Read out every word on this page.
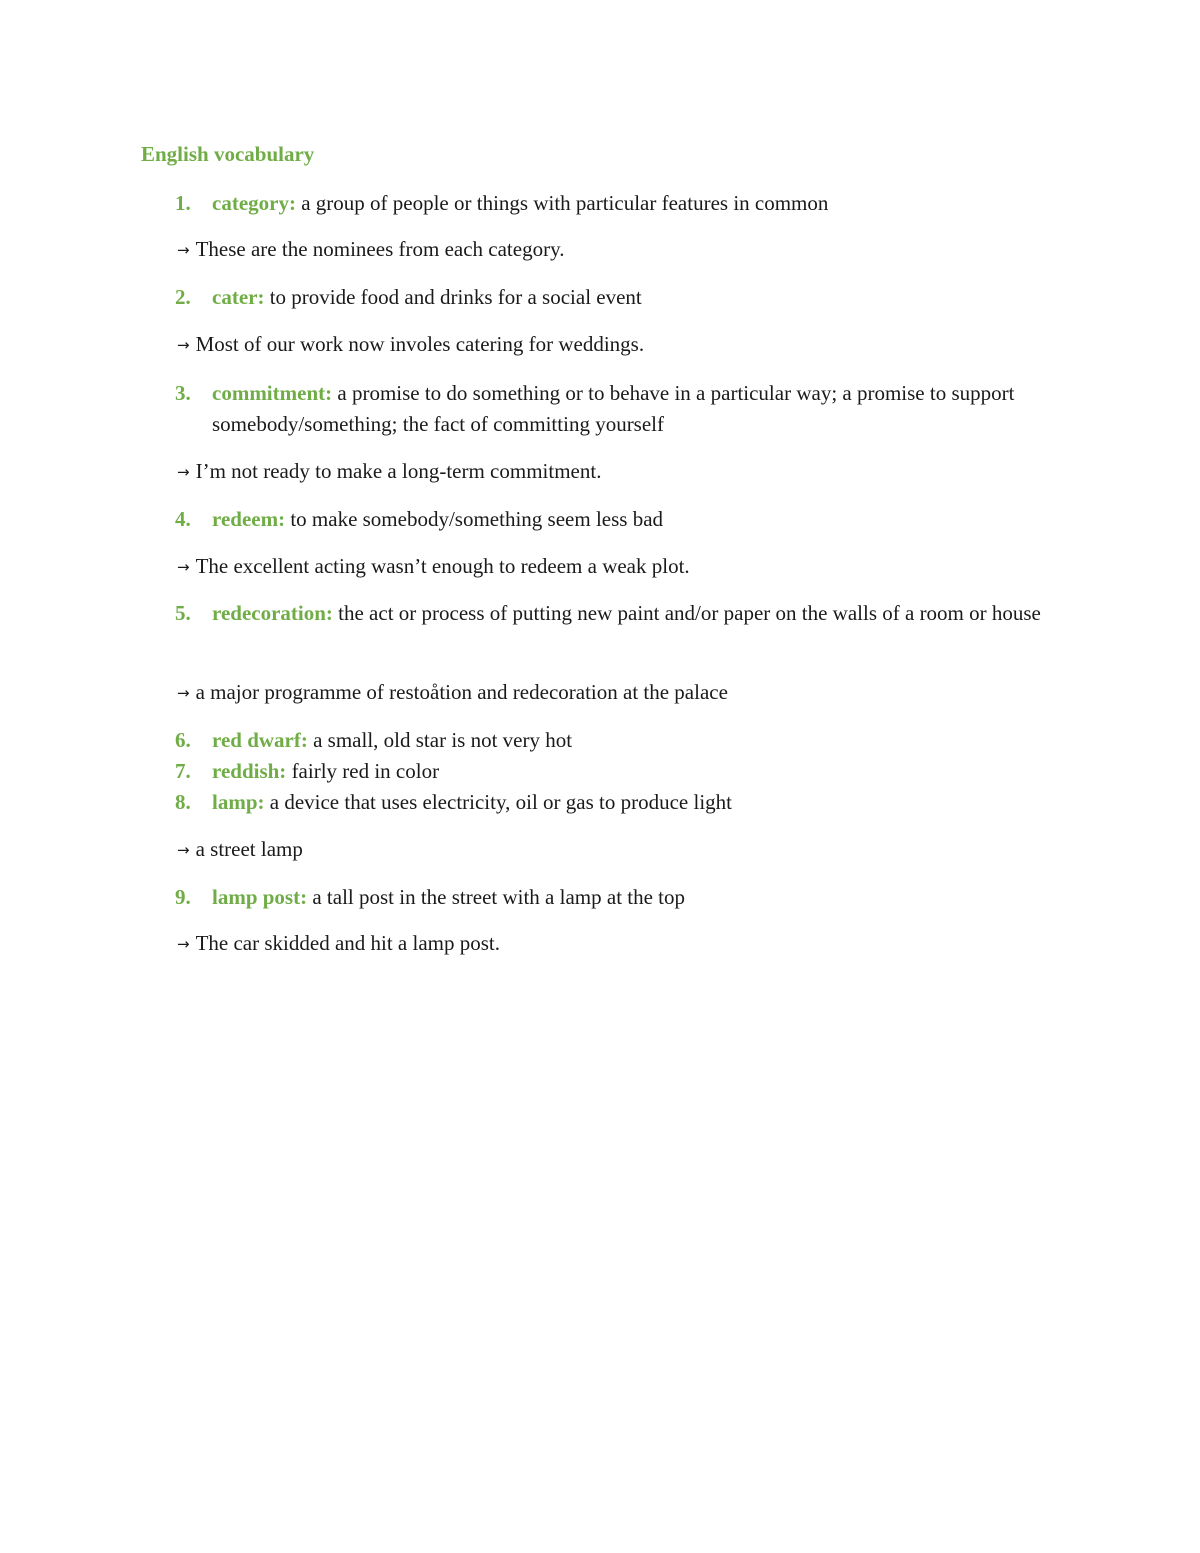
English vocabulary
1. category: a group of people or things with particular features in common
→ These are the nominees from each category.
2. cater: to provide food and drinks for a social event
→ Most of our work now involes catering for weddings.
3. commitment: a promise to do something or to behave in a particular way; a promise to support somebody/something; the fact of committing yourself
→ I’m not ready to make a long-term commitment.
4. redeem: to make somebody/something seem less bad
→ The excellent acting wasn’t enough to redeem a weak plot.
5. redecoration: the act or process of putting new paint and/or paper on the walls of a room or house
→ a major programme of restoåtion and redecoration at the palace
6. red dwarf: a small, old star is not very hot
7. reddish: fairly red in color
8. lamp: a device that uses electricity, oil or gas to produce light
→ a street lamp
9. lamp post: a tall post in the street with a lamp at the top
→ The car skidded and hit a lamp post.
